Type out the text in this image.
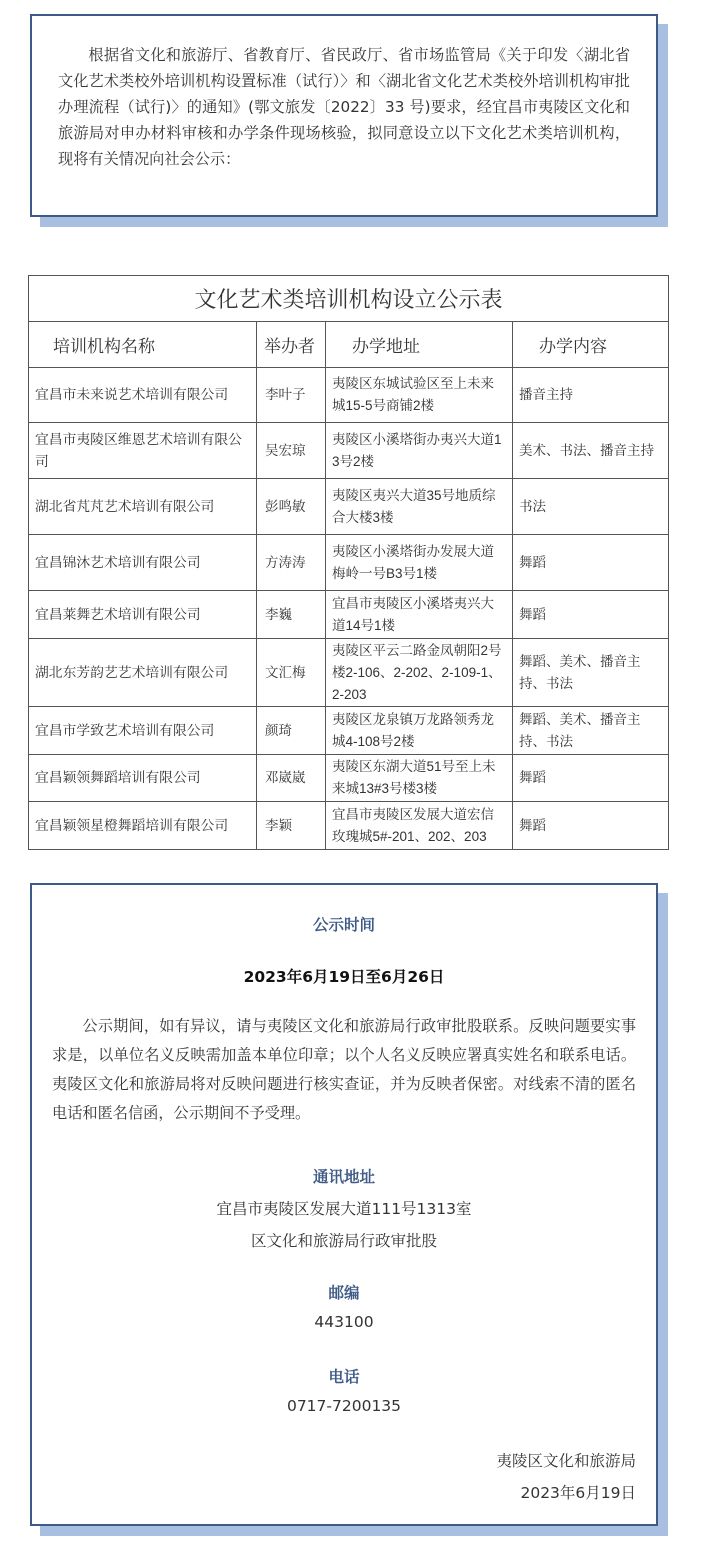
根据省文化和旅游厅、省教育厅、省民政厅、省市场监管局《关于印发〈湖北省文化艺术类校外培训机构设置标准（试行）〉和〈湖北省文化艺术类校外培训机构审批办理流程（试行)〉的通知》(鄂文旅发〔2022〕33 号)要求，经宜昌市夷陵区文化和旅游局对申办材料审核和办学条件现场核验，拟同意设立以下文化艺术类培训机构，现将有关情况向社会公示：

文化艺术类培训机构设立公示表			
培训机构名称	举办者	办学地址	办学内容
宜昌市未来说艺术培训有限公司	李叶子	夷陵区东城试验区至上未来城15-5号商铺2楼	播音主持
宜昌市夷陵区维恩艺术培训有限公司	吴宏琼	夷陵区小溪塔街办夷兴大道13号2楼	美术、书法、播音主持
湖北省芃芃艺术培训有限公司	彭鸣敏	夷陵区夷兴大道35号地质综合大楼3楼	书法
宜昌锦沐艺术培训有限公司	方涛涛	夷陵区小溪塔街办发展大道梅岭一号B3号1楼	舞蹈
宜昌莱舞艺术培训有限公司	李巍	宜昌市夷陵区小溪塔夷兴大道14号1楼	舞蹈
湖北东芳韵艺艺术培训有限公司	文汇梅	夷陵区平云二路金凤朝阳2号楼2-106、2-202、2-109-1、2-203	舞蹈、美术、播音主持、书法
宜昌市学致艺术培训有限公司	颜琦	夷陵区龙泉镇万龙路领秀龙城4-108号2楼	舞蹈、美术、播音主持、书法
宜昌颖领舞蹈培训有限公司	邓崴崴	夷陵区东湖大道51号至上未来城13#3号楼3楼	舞蹈
宜昌颖领星橙舞蹈培训有限公司	李颖	宜昌市夷陵区发展大道宏信玫瑰城5#-201、202、203	舞蹈
公示时间
2023年6月19日至6月26日

公示期间，如有异议，请与夷陵区文化和旅游局行政审批股联系。反映问题要实事求是，以单位名义反映需加盖本单位印章；以个人名义反映应署真实姓名和联系电话。夷陵区文化和旅游局将对反映问题进行核实查证，并为反映者保密。对线索不清的匿名电话和匿名信函，公示期间不予受理。

通讯地址
宜昌市夷陵区发展大道111号1313室
区文化和旅游局行政审批股
邮编
443100
电话
0717-7200135
夷陵区文化和旅游局
2023年6月19日
